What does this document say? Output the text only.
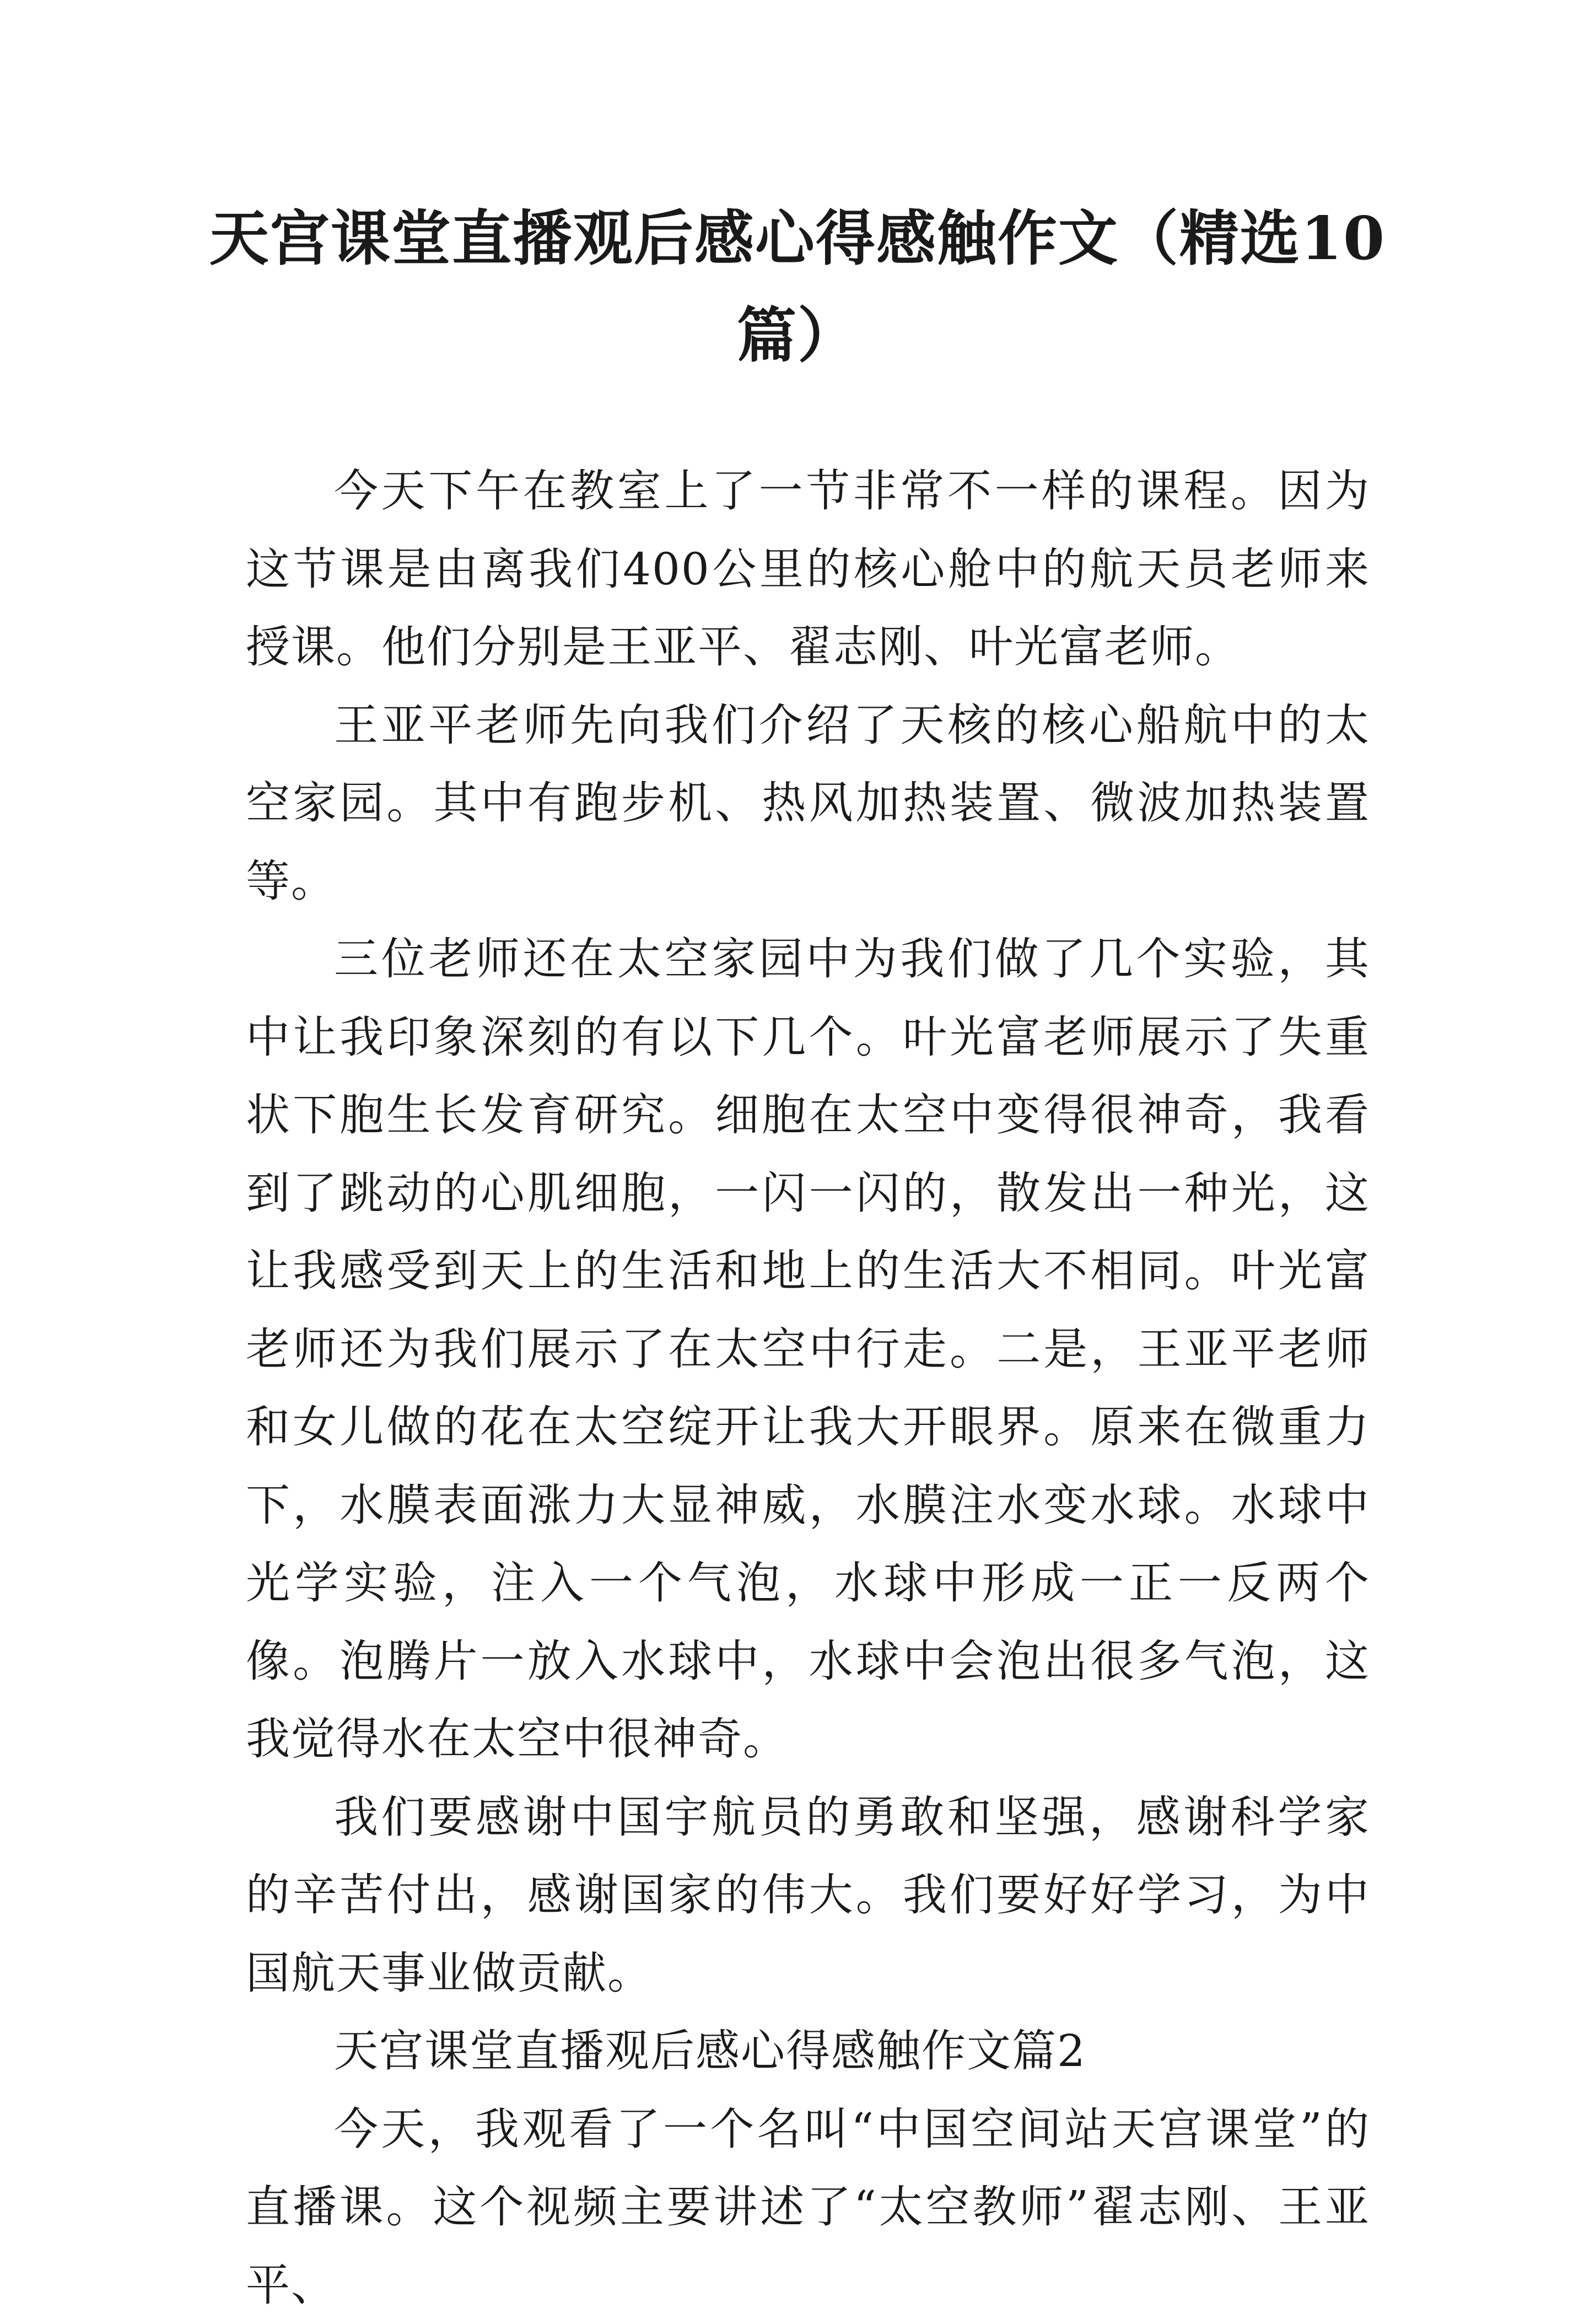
天宫课堂直播观后感心得感触作文（精选10篇）

今天下午在教室上了一节非常不一样的课程。因为这节课是由离我们400公里的核心舱中的航天员老师来授课。他们分别是王亚平、翟志刚、叶光富老师。

王亚平老师先向我们介绍了天核的核心船航中的太空家园。其中有跑步机、热风加热装置、微波加热装置等。

三位老师还在太空家园中为我们做了几个实验，其中让我印象深刻的有以下几个。叶光富老师展示了失重状下胞生长发育研究。细胞在太空中变得很神奇，我看到了跳动的心肌细胞，一闪一闪的，散发出一种光，这让我感受到天上的生活和地上的生活大不相同。叶光富老师还为我们展示了在太空中行走。二是，王亚平老师和女儿做的花在太空绽开让我大开眼界。原来在微重力下，水膜表面涨力大显神威，水膜注水变水球。水球中光学实验，注入一个气泡，水球中形成一正一反两个像。泡腾片一放入水球中，水球中会泡出很多气泡，这我觉得水在太空中很神奇。

我们要感谢中国宇航员的勇敢和坚强，感谢科学家的辛苦付出，感谢国家的伟大。我们要好好学习，为中国航天事业做贡献。

天宫课堂直播观后感心得感触作文篇2

今天，我观看了一个名叫“中国空间站天宫课堂”的直播课。这个视频主要讲述了“太空教师”翟志刚、王亚平、
